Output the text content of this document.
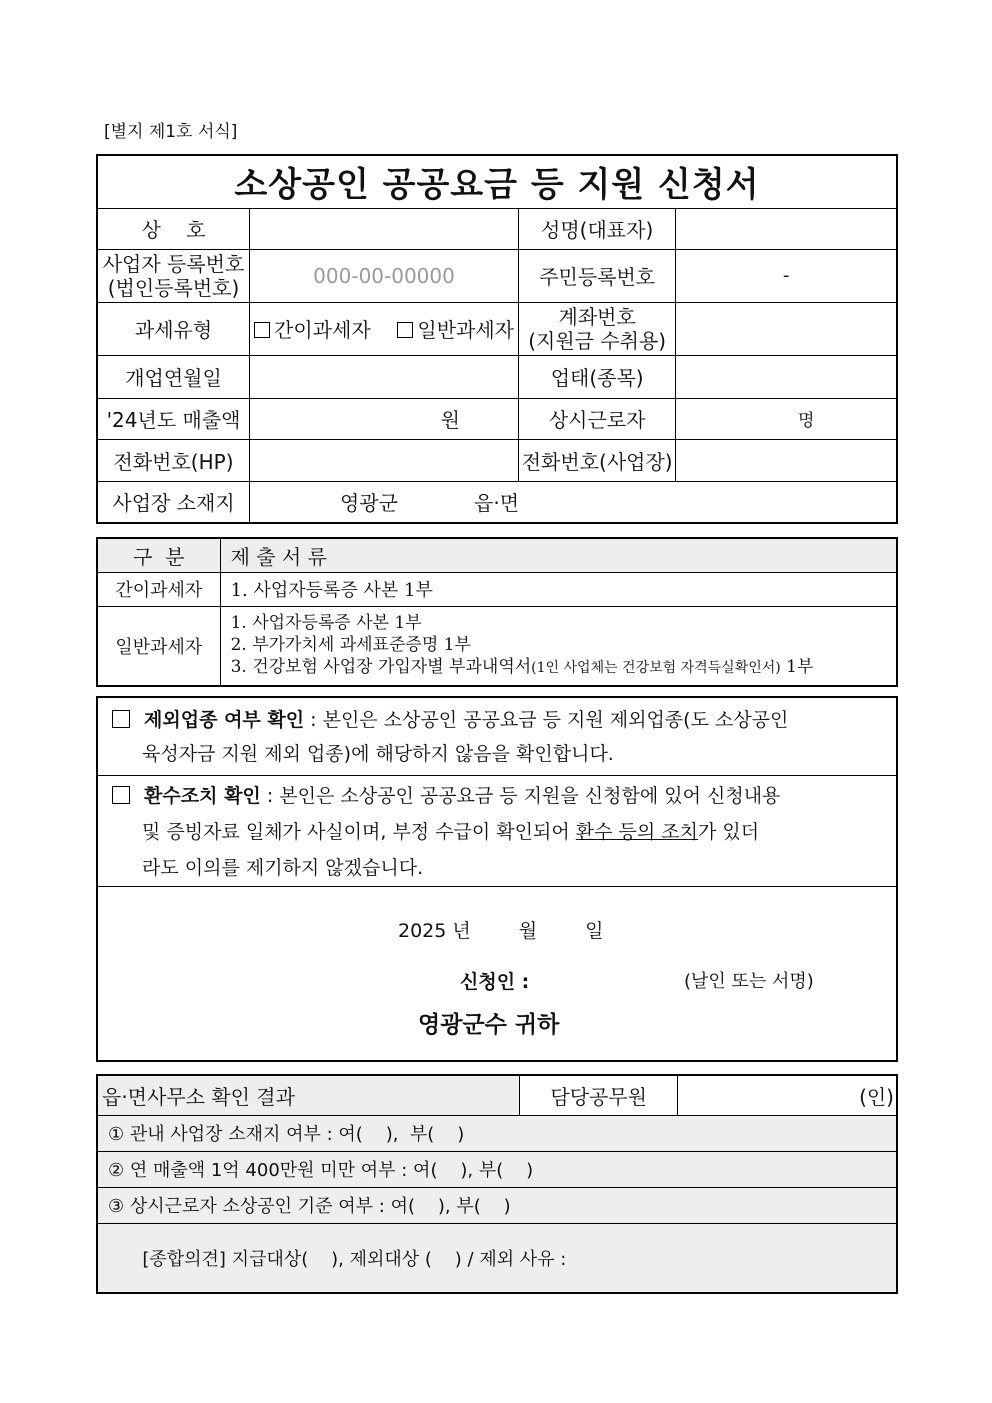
[별지 제1호 서식]
소상공인 공공요금 등 지원 신청서			
상    호		성명(대표자)	

사업자 등록번호
(법인등록번호)	000-00-00000	주민등록번호	-
과세유형	간이과세자 일반과세자	계좌번호
(지원금 수취용)	

개업연월일		업태(종목)	
'24년도 매출액	원	상시근로자	명
전화번호(HP)		전화번호(사업장)	
사업장 소재지	영광군 읍·면		
구  분	제 출 서 류
간이과세자	1. 사업자등록증 사본 1부
일반과세자	1. 사업자등록증 사본 1부
2. 부가가치세 과세표준증명 1부
3. 건강보험 사업장 가입자별 부과내역서(1인 사업체는 건강보험 자격득실확인서) 1부
제외업종 여부 확인 : 본인은 소상공인 공공요금 등 지원 제외업종(도 소상공인
육성자금 지원 제외 업종)에 해당하지 않음을 확인합니다.
환수조치 확인 : 본인은 소상공인 공공요금 등 지원을 신청함에 있어 신청내용
및 증빙자료 일체가 사실이며, 부정 수급이 확인되어 환수 등의 조치가 있더
라도 이의를 제기하지 않겠습니다.
2025 년	월	일
신청인 :	(날인 또는 서명)
영광군수 귀하
읍·면사무소 확인 결과	담당공무원	(인)
① 관내 사업장 소재지 여부 : 여(    ),  부(    )
② 연 매출액 1억 400만원 미만 여부 : 여(    ), 부(    )
③ 상시근로자 소상공인 기준 여부 : 여(    ), 부(    )

[종합의견] 지급대상(    ), 제외대상 (    ) / 제외 사유 :
